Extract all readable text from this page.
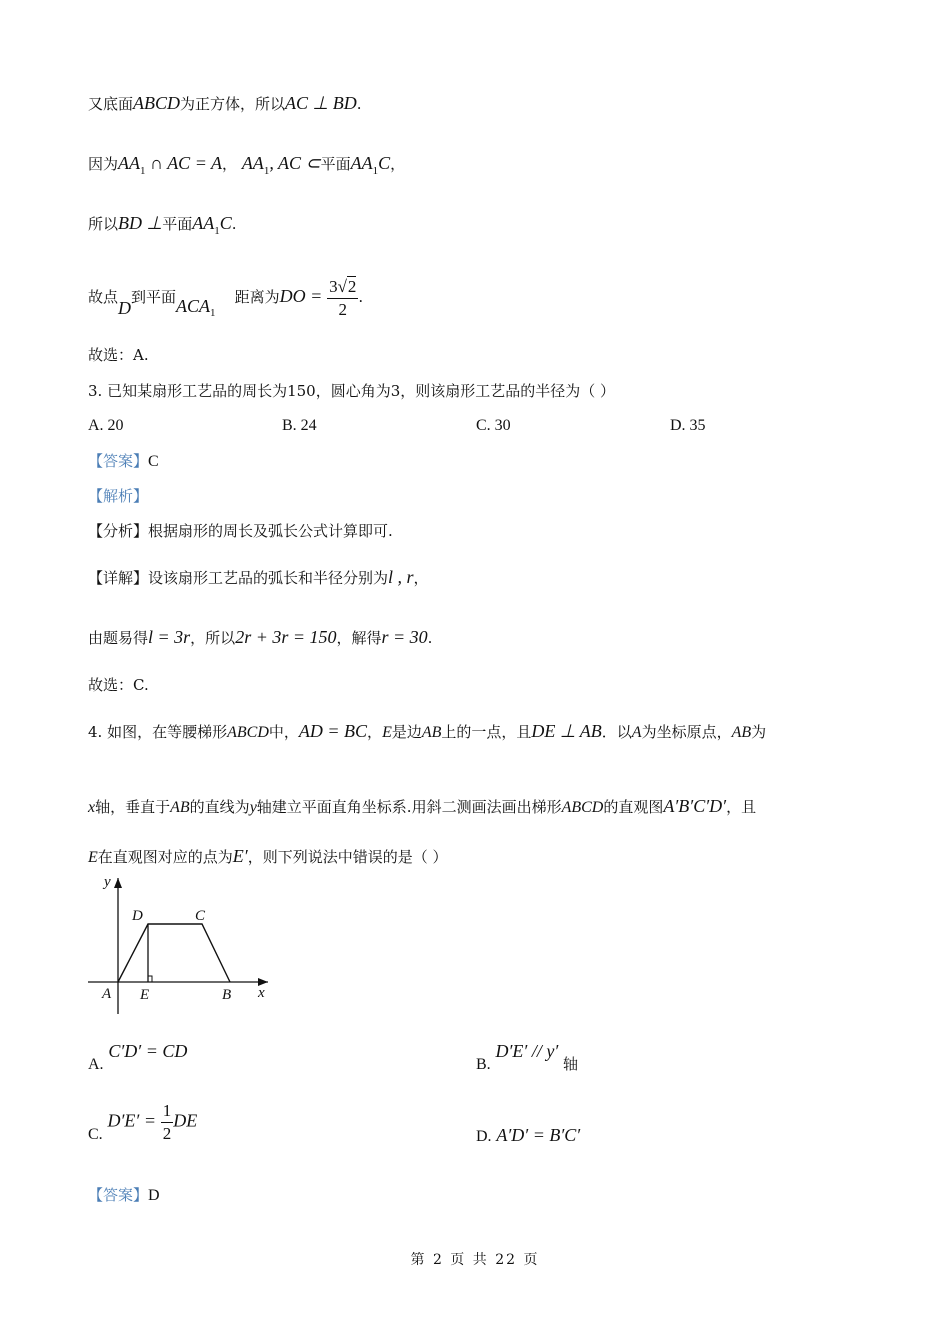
又底面ABCD为正方体，所以AC ⊥ BD.
因为$AA_1$ ∩ AC = A， $AA_1$, AC ⊂平面$AA_1C$，
所以BD ⊥平面$AA_1C$.
故点D到平面$ACA_1$    距离为DO = $\frac{3√2}{2}$ .
故选：A.
3. 已知某扇形工艺品的周长为150，圆心角为3，则该扇形工艺品的半径为（ ）
A. 20	B. 24	C. 30	D. 35
【答案】C
【解析】
【分析】根据扇形的周长及弧长公式计算即可.
【详解】设该扇形工艺品的弧长和半径分别为l , r，
由题易得l = 3r，所以2r + 3r = 150，解得r = 30.
故选：C.
4. 如图，在等腰梯形ABCD中，AD = BC，E是边AB上的一点，且DE ⊥ AB．以A为坐标原点，AB为
x轴，垂直于AB的直线为y轴建立平面直角坐标系.用斜二测画法画出梯形ABCD的直观图A′B′C′D′，且
E在直观图对应的点为E′，则下列说法中错误的是（ ）
y
x
A E	B
C
D
A. C′D′ = CD
B. D′E′ // y′ 轴
C. $D'E' = \frac{1}{2}$ DE
D. A′D′ = B′C′
【答案】D
第 2 页 共 22 页
